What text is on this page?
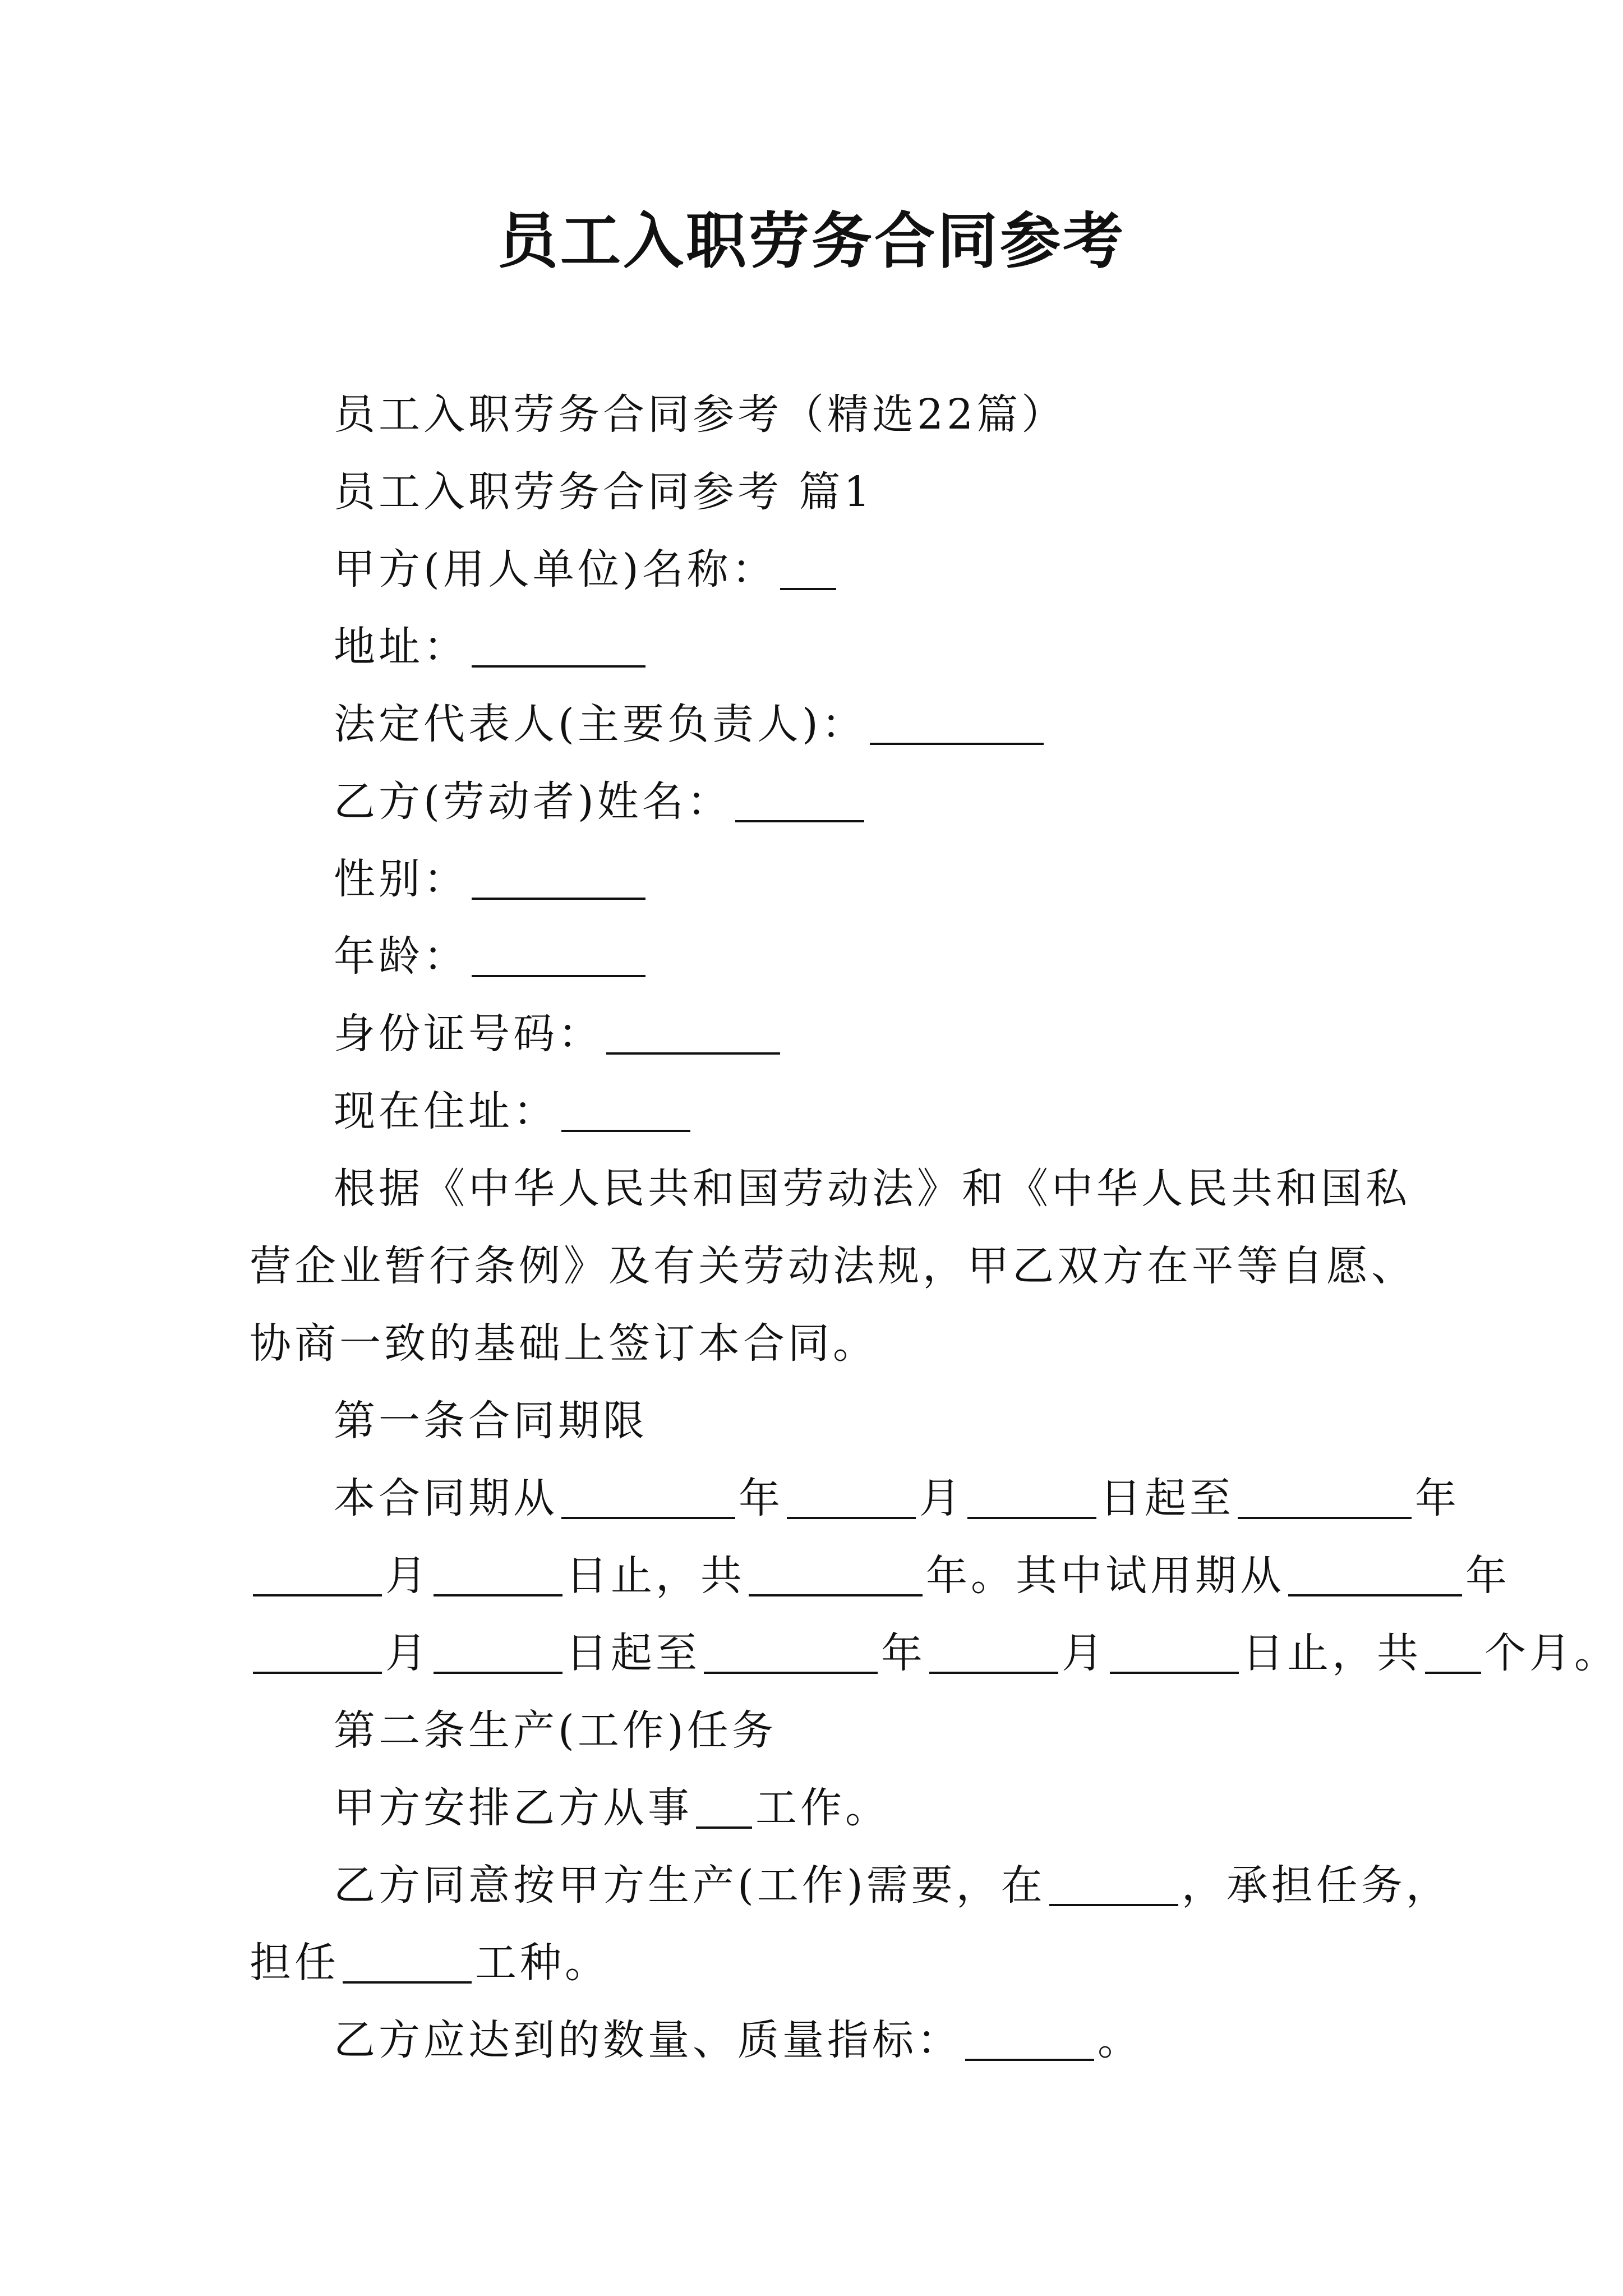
员工入职劳务合同参考

员工入职劳务合同参考（精选22篇）

员工入职劳务合同参考 篇1

甲方(用人单位)名称：

地址：

法定代表人(主要负责人)：

乙方(劳动者)姓名：

性别：

年龄：

身份证号码：

现在住址：

根据《中华人民共和国劳动法》和《中华人民共和国私

营企业暂行条例》及有关劳动法规，甲乙双方在平等自愿、

协商一致的基础上签订本合同。

第一条合同期限

本合同期从	年	月	日起至	年

月	日止，共	年。其中试用期从	年

月	日起至	年	月	日止，共 个月。

第二条生产(工作)任务

甲方安排乙方从事 工作。

乙方同意按甲方生产(工作)需要，在	，承担任务，

担任	工种。

乙方应达到的数量、质量指标：	。
